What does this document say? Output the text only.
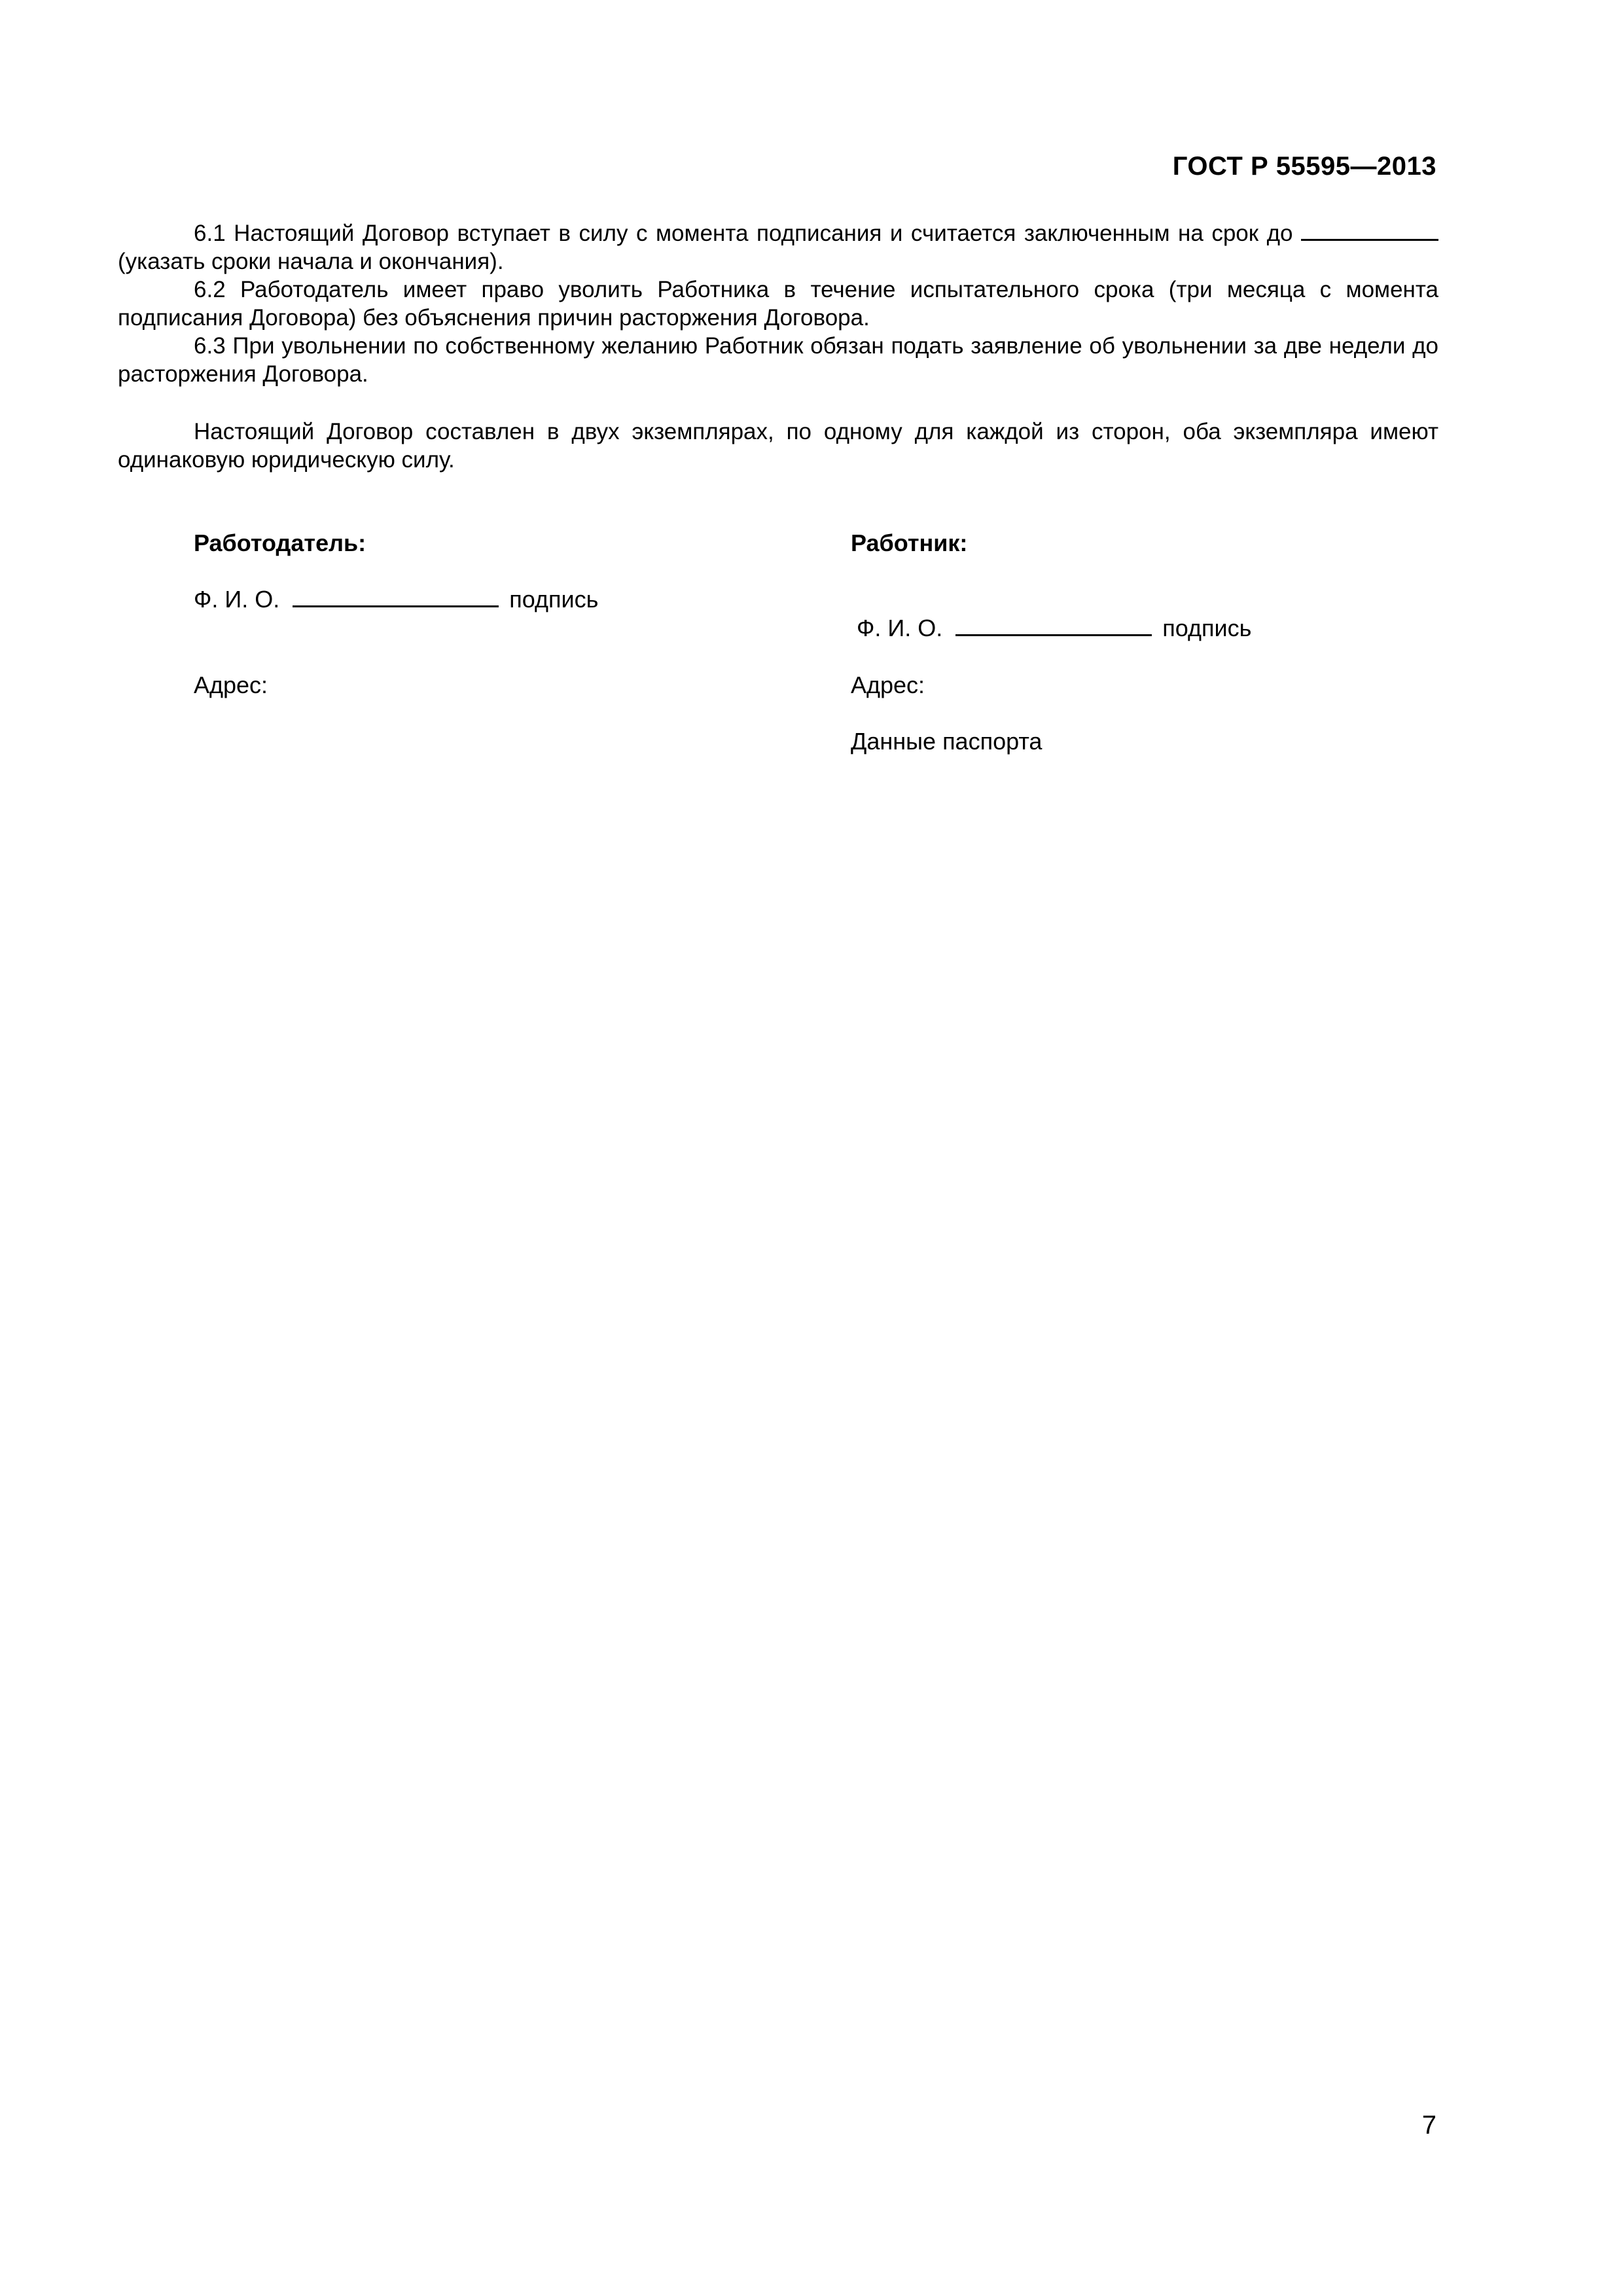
ГОСТ Р 55595—2013

6.1 Настоящий Договор вступает в силу с момента подписания и считается заключенным на срок до  (указать сроки начала и окончания).

6.2 Работодатель имеет право уволить Работника в течение испытательного срока (три месяца с момента подписания Договора) без объяснения причин расторжения Договора.

6.3 При увольнении по собственному желанию Работник обязан подать заявление об увольнении за две недели до расторжения Договора.

Настоящий Договор составлен в двух экземплярах, по одному для каждой из сторон, оба экземпляра имеют одинаковую юридическую силу.

Работодатель:
Ф. И. О.	подпись
Адрес:
Работник:
Ф. И. О.	подпись
Адрес:
Данные паспорта
7
